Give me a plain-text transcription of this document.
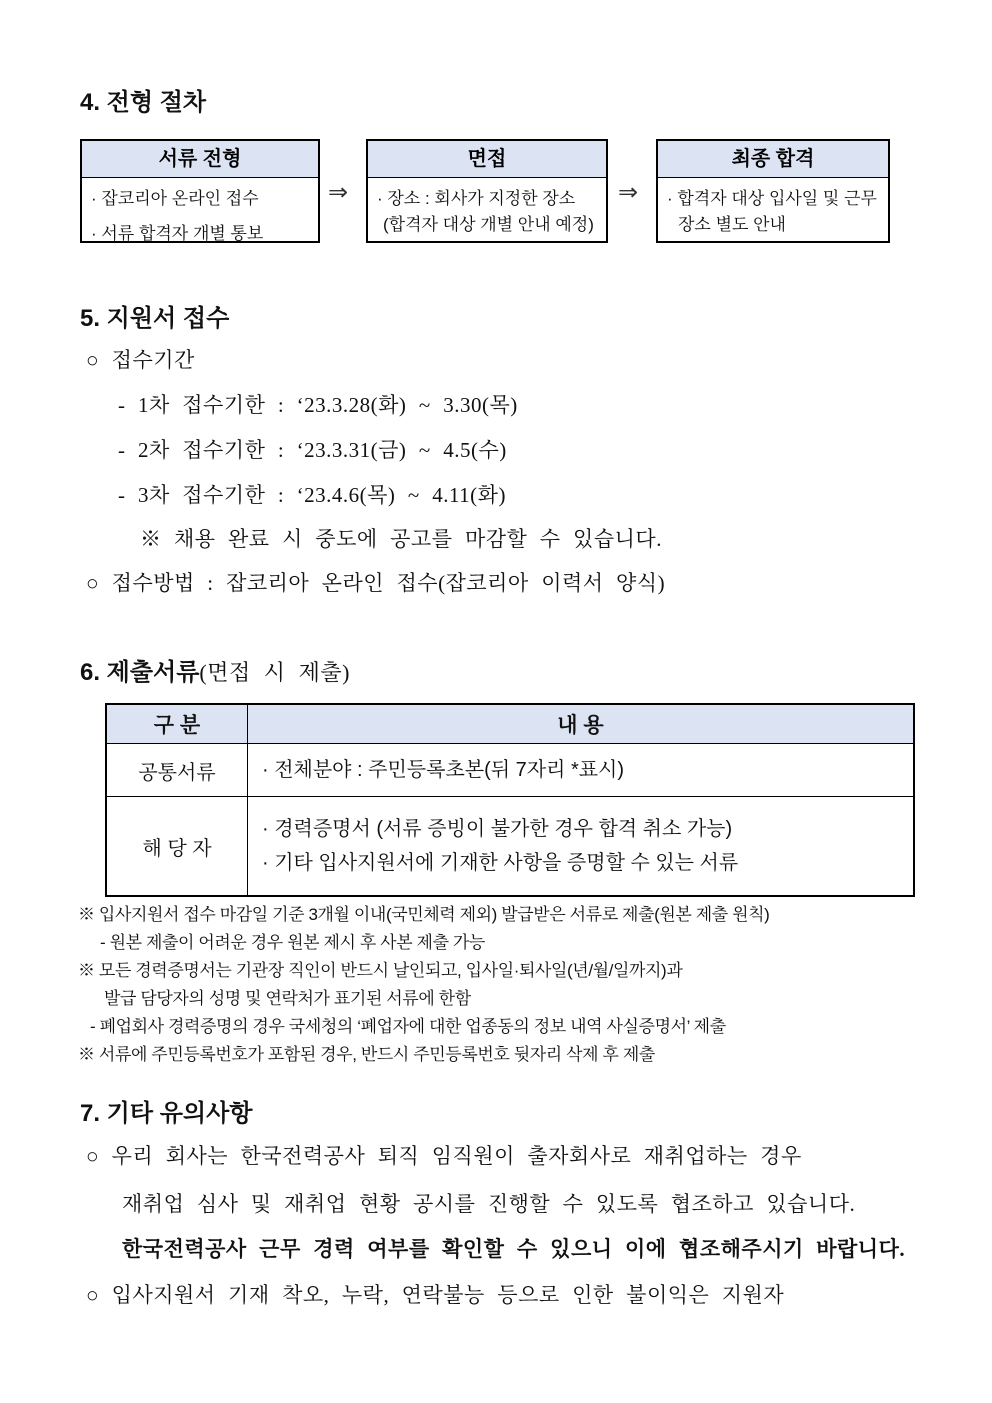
4. 전형 절차
서류 전형
· 잡코리아 온라인 접수
· 서류 합격자 개별 통보
⇒
면접
· 장소 : 회사가 지정한 장소
(합격자 대상 개별 안내 예정)
⇒
최종 합격
· 합격자 대상 입사일 및 근무
장소 별도 안내
5. 지원서 접수
○ 접수기간
- 1차 접수기한 : ‘23.3.28(화) ~ 3.30(목)
- 2차 접수기한 : ‘23.3.31(금) ~ 4.5(수)
- 3차 접수기한 : ‘23.4.6(목) ~ 4.11(화)
※ 채용 완료 시 중도에 공고를 마감할 수 있습니다.
○ 접수방법 : 잡코리아 온라인 접수(잡코리아 이력서 양식)
6. 제출서류(면접 시 제출)
구 분	내 용
공통서류	· 전체분야 : 주민등록초본(뒤 7자리 *표시)
해 당 자
· 경력증명서 (서류 증빙이 불가한 경우 합격 취소 가능)
· 기타 입사지원서에 기재한 사항을 증명할 수 있는 서류
※ 입사지원서 접수 마감일 기준 3개월 이내(국민체력 제외) 발급받은 서류로 제출(원본 제출 원칙)
- 원본 제출이 어려운 경우 원본 제시 후 사본 제출 가능
※ 모든 경력증명서는 기관장 직인이 반드시 날인되고, 입사일·퇴사일(년/월/일까지)과
발급 담당자의 성명 및 연락처가 표기된 서류에 한함
- 폐업회사 경력증명의 경우 국세청의 ‘폐업자에 대한 업종동의 정보 내역 사실증명서’ 제출
※ 서류에 주민등록번호가 포함된 경우, 반드시 주민등록번호 뒷자리 삭제 후 제출
7. 기타 유의사항
○ 우리 회사는 한국전력공사 퇴직 임직원이 출자회사로 재취업하는 경우
재취업 심사 및 재취업 현황 공시를 진행할 수 있도록 협조하고 있습니다.
한국전력공사 근무 경력 여부를 확인할 수 있으니 이에 협조해주시기 바랍니다.
○ 입사지원서 기재 착오, 누락, 연락불능 등으로 인한 불이익은 지원자
